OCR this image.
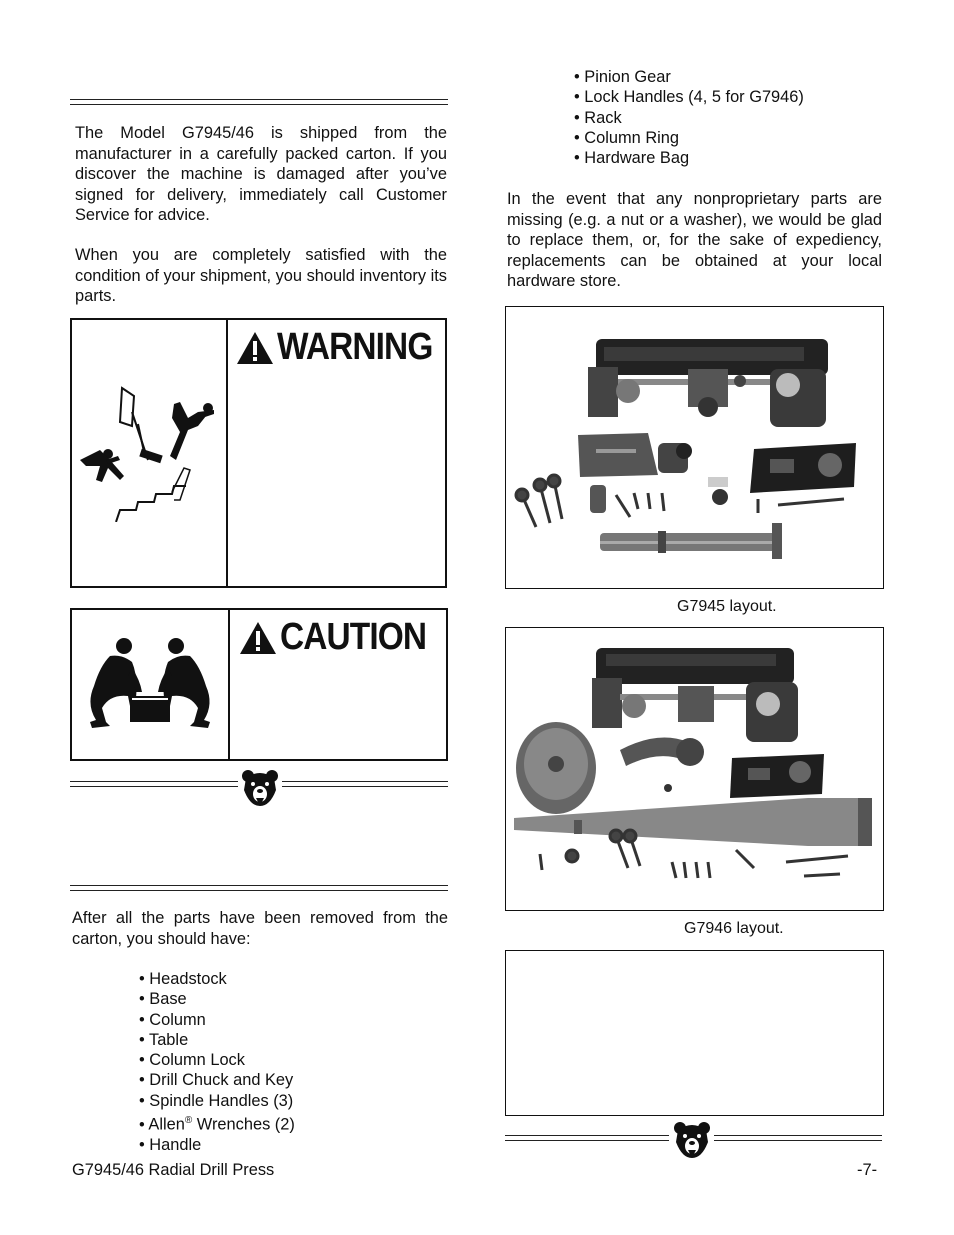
The Model G7945/46 is shipped from the manufacturer in a carefully packed carton. If you discover the machine is damaged after you’ve signed for delivery, immediately call Customer Service for advice.

When you are completely satisfied with the condition of your shipment, you should inventory its parts.

WARNING
CAUTION

After all the parts have been removed from the carton, you should have:

• Headstock
• Base
• Column
• Table
• Column Lock
• Drill Chuck and Key
• Spindle Handles (3)
• Allen® Wrenches (2)
• Handle
• Pinion Gear
• Lock Handles (4, 5 for G7946)
• Rack
• Column Ring
• Hardware Bag

In the event that any nonproprietary parts are missing (e.g. a nut or a washer), we would be glad to replace them, or, for the sake of expediency, replacements can be obtained at your local hardware store.

G7945 layout.
G7946 layout.
G7945/46 Radial Drill Press	-7-
